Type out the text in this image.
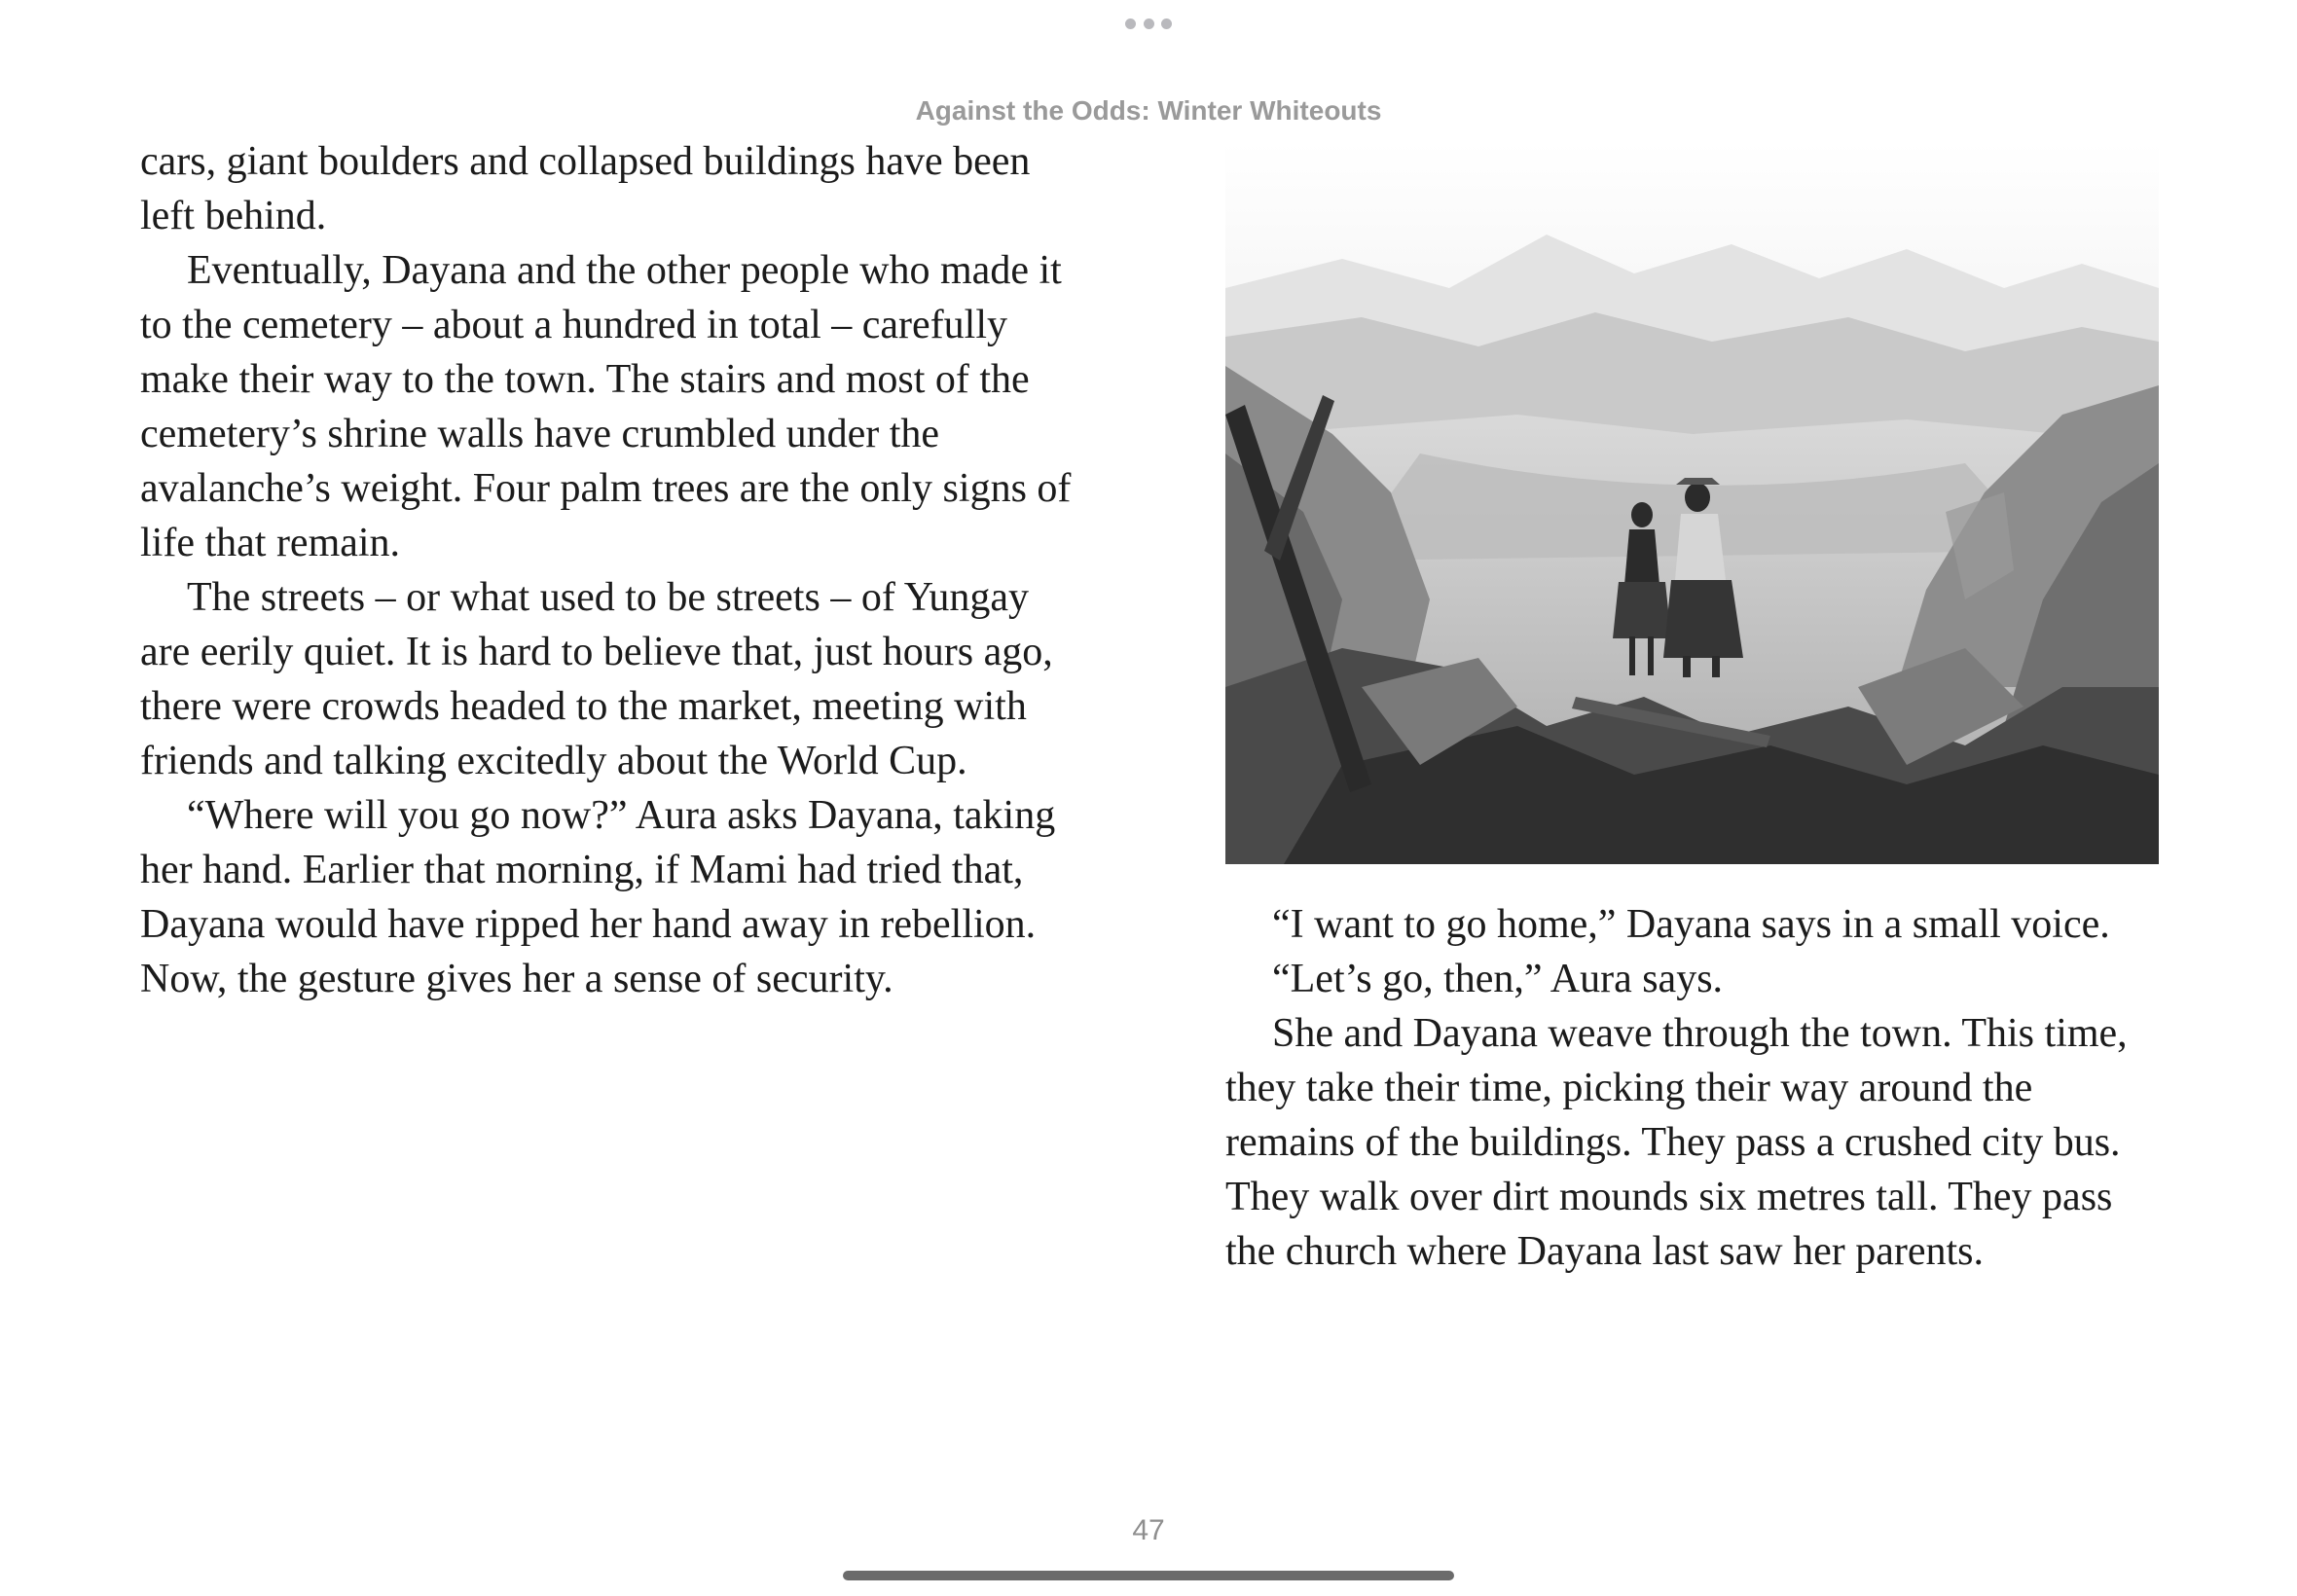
Against the Odds: Winter Whiteouts

cars, giant boulders and collapsed buildings have been left behind.

Eventually, Dayana and the other people who made it to the cemetery – about a hundred in total – carefully make their way to the town. The stairs and most of the cemetery’s shrine walls have crumbled under the avalanche’s weight. Four palm trees are the only signs of life that remain.

The streets – or what used to be streets – of Yungay are eerily quiet. It is hard to believe that, just hours ago, there were crowds headed to the market, meeting with friends and talking excitedly about the World Cup.

“Where will you go now?” Aura asks Dayana, taking her hand. Earlier that morning, if Mami had tried that, Dayana would have ripped her hand away in rebellion. Now, the gesture gives her a sense of security.

“I want to go home,” Dayana says in a small voice.

“Let’s go, then,” Aura says.

She and Dayana weave through the town. This time, they take their time, picking their way around the remains of the buildings. They pass a crushed city bus. They walk over dirt mounds six metres tall. They pass the church where Dayana last saw her parents.

47
